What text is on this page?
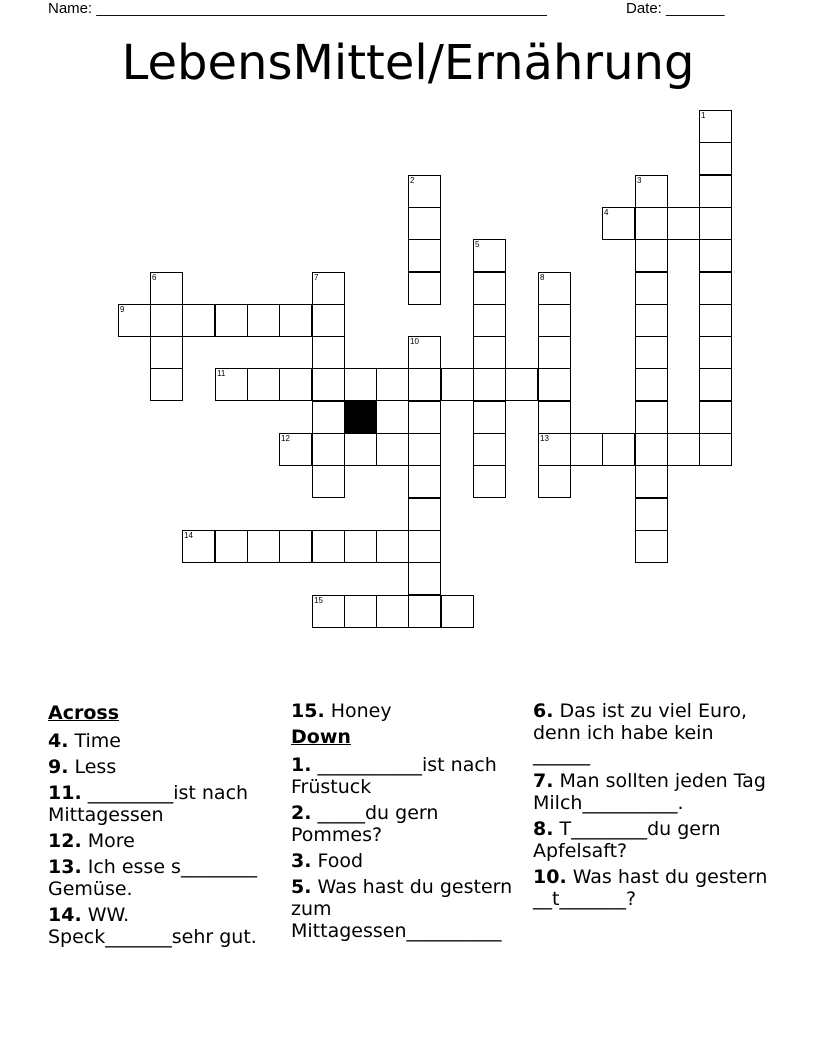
Name: ______________________________________________________	Date: _______
LebensMittel/Ernährung
1
2	3
4
5
6	7	8
9
10
11
12	13
14
15
Across
4. Time
9. Less
11. _________ist nach Mittagessen
12. More
13. Ich esse s________ Gemüse.
14. WW. Speck_______sehr gut.
15. Honey
Down
1. ___________ist nach Früstuck
2. _____du gern Pommes?
3. Food
5. Was hast du gestern zum Mittagessen__________
6. Das ist zu viel Euro, denn ich habe kein ______
7. Man sollten jeden Tag Milch__________.
8. T________du gern Apfelsaft?
10. Was hast du gestern __t_______?
